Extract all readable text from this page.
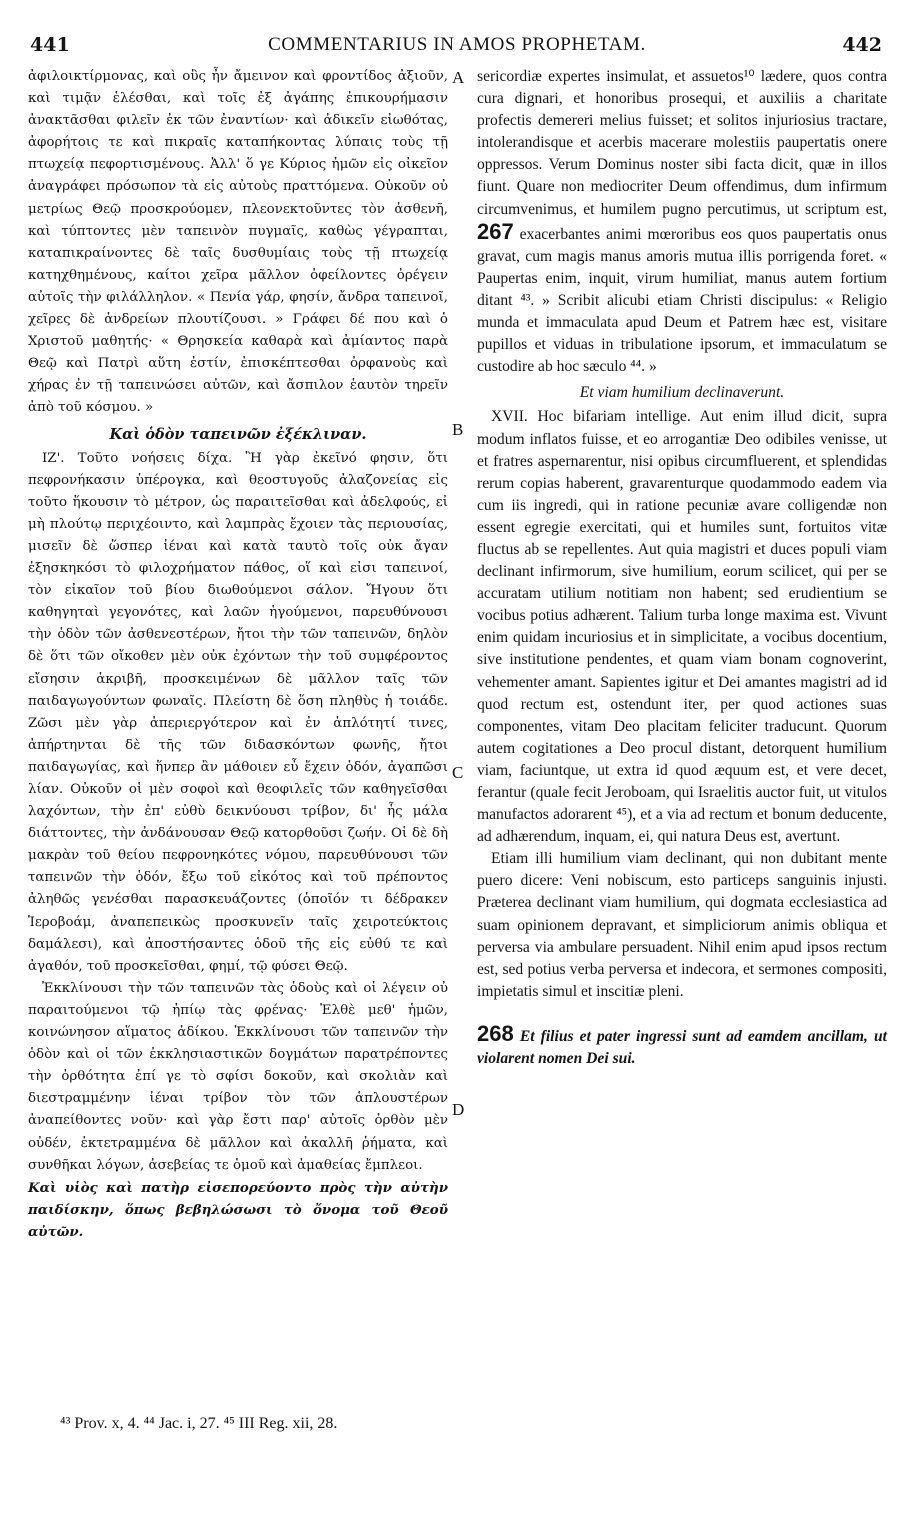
441	COMMENTARIUS IN AMOS PROPHETAM.	442
A
B
C
D

ἀφιλοικτίρμονας, καὶ οὓς ἦν ἄμεινον καὶ φροντίδος ἀξιοῦν, καὶ τιμᾷν ἑλέσθαι, καὶ τοῖς ἐξ ἀγάπης ἐπικουρήμασιν ἀνακτᾶσθαι φιλεῖν ἐκ τῶν ἐναντίων· καὶ ἀδικεῖν εἰωθότας, ἀφορήτοις τε καὶ πικραῖς καταπήκοντας λύπαις τοὺς τῇ πτωχείᾳ πεφορτισμένους. Ἀλλ' ὅ γε Κύριος ἡμῶν εἰς οἰκεῖον ἀναγράφει πρόσωπον τὰ εἰς αὐτοὺς πραττόμενα. Οὐκοῦν οὐ μετρίως Θεῷ προσκρούομεν, πλεονεκτοῦντες τὸν ἀσθενῆ, καὶ τύπτοντες μὲν ταπεινὸν πυγμαῖς, καθὼς γέγραπται, καταπικραίνοντες δὲ ταῖς δυσθυμίαις τοὺς τῇ πτωχείᾳ κατηχθημένους, καίτοι χεῖρα μᾶλλον ὀφείλοντες ὀρέγειν αὐτοῖς τὴν φιλάλληλον. « Πενία γάρ, φησίν, ἄνδρα ταπεινοῖ, χεῖρες δὲ ἀνδρείων πλουτίζουσι. » Γράφει δέ που καὶ ὁ Χριστοῦ μαθητής· « Θρησκεία καθαρὰ καὶ ἀμίαντος παρὰ Θεῷ καὶ Πατρὶ αὕτη ἐστίν, ἐπισκέπτεσθαι ὀρφανοὺς καὶ χήρας ἐν τῇ ταπεινώσει αὐτῶν, καὶ ἄσπιλον ἑαυτὸν τηρεῖν ἀπὸ τοῦ κόσμου. »

Καὶ ὁδὸν ταπεινῶν ἐξέκλιναν.

ΙΖ'. Τοῦτο νοήσεις δίχα. Ἢ γὰρ ἐκεῖνό φησιν, ὅτι πεφρονήκασιν ὑπέρογκα, καὶ θεοστυγοῦς ἀλαζονείας εἰς τοῦτο ἥκουσιν τὸ μέτρον, ὡς παραιτεῖσθαι καὶ ἀδελφούς, εἰ μὴ πλούτῳ περιχέοιντο, καὶ λαμπρὰς ἔχοιεν τὰς περιουσίας, μισεῖν δὲ ὥσπερ ἰέναι καὶ κατὰ ταυτὸ τοῖς οὐκ ἄγαν ἐξησκηκόσι τὸ φιλοχρήματον πάθος, οἵ καὶ εἰσι ταπεινοί, τὸν εἰκαῖον τοῦ βίου διωθούμενοι σάλον. Ἤγουν ὅτι καθηγηταὶ γεγονότες, καὶ λαῶν ἡγούμενοι, παρευθύνουσι τὴν ὁδὸν τῶν ἀσθενεστέρων, ἤτοι τὴν τῶν ταπεινῶν, δηλὸν δὲ ὅτι τῶν οἴκοθεν μὲν οὐκ ἐχόντων τὴν τοῦ συμφέροντος εἴσησιν ἀκριβῆ, προσκειμένων δὲ μᾶλλον ταῖς τῶν παιδαγωγούντων φωναῖς. Πλείστη δὲ ὅση πληθὺς ἡ τοιάδε. Ζῶσι μὲν γὰρ ἀπεριεργότερον καὶ ἐν ἁπλότητί τινες, ἀπήρτηνται δὲ τῆς τῶν διδασκόντων φωνῆς, ἤτοι παιδαγωγίας, καὶ ἥνπερ ἂν μάθοιεν εὖ ἔχειν ὁδόν, ἀγαπῶσι λίαν. Οὐκοῦν οἱ μὲν σοφοὶ καὶ θεοφιλεῖς τῶν καθηγεῖσθαι λαχόντων, τὴν ἐπ' εὐθὺ δεικνύουσι τρίβον, δι' ἧς μάλα διάττοντες, τὴν ἀνδάνουσαν Θεῷ κατορθοῦσι ζωήν. Οἱ δὲ δὴ μακρὰν τοῦ θείου πεφρονηκότες νόμου, παρευθύνουσι τῶν ταπεινῶν τὴν ὁδόν, ἔξω τοῦ εἰκότος καὶ τοῦ πρέποντος ἀληθῶς γενέσθαι παρασκευάζοντες (ὁποῖόν τι δέδρακεν Ἱεροβοάμ, ἀναπεπεικὼς προσκυνεῖν ταῖς χειροτεύκτοις δαμάλεσι), καὶ ἀποστήσαντες ὁδοῦ τῆς εἰς εὐθύ τε καὶ ἀγαθόν, τοῦ προσκεῖσθαι, φημί, τῷ φύσει Θεῷ.

Ἐκκλίνουσι τὴν τῶν ταπεινῶν τὰς ὁδοὺς καὶ οἱ λέγειν οὐ παραιτούμενοι τῷ ἠπίῳ τὰς φρένας· Ἐλθὲ μεθ' ἡμῶν, κοινώνησον αἵματος ἀδίκου. Ἐκκλίνουσι τῶν ταπεινῶν τὴν ὁδὸν καὶ οἱ τῶν ἐκκλησιαστικῶν δογμάτων παρατρέποντες τὴν ὀρθότητα ἐπί γε τὸ σφίσι δοκοῦν, καὶ σκολιὰν καὶ διεστραμμένην ἰέναι τρίβον τὸν τῶν ἁπλουστέρων ἀναπείθοντες νοῦν· καὶ γὰρ ἔστι παρ' αὐτοῖς ὀρθὸν μὲν οὐδέν, ἐκτετραμμένα δὲ μᾶλλον καὶ ἀκαλλῆ ῥήματα, καὶ συνθῆκαι λόγων, ἀσεβείας τε ὁμοῦ καὶ ἀμαθείας ἔμπλεοι.

Καὶ υἱὸς καὶ πατὴρ εἰσεπορεύοντο πρὸς τὴν αὐτὴν παιδίσκην, ὅπως βεβηλώσωσι τὸ ὄνομα τοῦ Θεοῦ αὐτῶν.

sericordiæ expertes insimulat, et assuetos¹⁰ lædere, quos contra cura dignari, et honoribus prosequi, et auxiliis a charitate profectis demereri melius fuisset; et solitos injuriosius tractare, intolerandisque et acerbis macerare molestiis paupertatis onere oppressos. Verum Dominus noster sibi facta dicit, quæ in illos fiunt. Quare non mediocriter Deum offendimus, dum infirmum circumvenimus, et humilem pugno percutimus, ut scriptum est, 267 exacerbantes animi mœroribus eos quos paupertatis onus gravat, cum magis manus amoris mutua illis porrigenda foret. « Paupertas enim, inquit, virum humiliat, manus autem fortium ditant ⁴³. » Scribit alicubi etiam Christi discipulus: « Religio munda et immaculata apud Deum et Patrem hæc est, visitare pupillos et viduas in tribulatione ipsorum, et immaculatum se custodire ab hoc sæculo ⁴⁴. »

Et viam humilium declinaverunt.

XVII. Hoc bifariam intellige. Aut enim illud dicit, supra modum inflatos fuisse, et eo arrogantiæ Deo odibiles venisse, ut et fratres aspernarentur, nisi opibus circumfluerent, et splendidas rerum copias haberent, gravarenturque quodammodo eadem via cum iis ingredi, qui in ratione pecuniæ avare colligendæ non essent egregie exercitati, qui et humiles sunt, fortuitos vitæ fluctus ab se repellentes. Aut quia magistri et duces populi viam declinant infirmorum, sive humilium, eorum scilicet, qui per se accuratam utilium notitiam non habent; sed erudientium se vocibus potius adhærent. Talium turba longe maxima est. Vivunt enim quidam incuriosius et in simplicitate, a vocibus docentium, sive institutione pendentes, et quam viam bonam cognoverint, vehementer amant. Sapientes igitur et Dei amantes magistri ad id quod rectum est, ostendunt iter, per quod actiones suas componentes, vitam Deo placitam feliciter traducunt. Quorum autem cogitationes a Deo procul distant, detorquent humilium viam, faciuntque, ut extra id quod æquum est, et vere decet, ferantur (quale fecit Jeroboam, qui Israelitis auctor fuit, ut vitulos manufactos adorarent ⁴⁵), et a via ad rectum et bonum deducente, ad adhærendum, inquam, ei, qui natura Deus est, avertunt.

Etiam illi humilium viam declinant, qui non dubitant mente puero dicere: Veni nobiscum, esto particeps sanguinis injusti. Præterea declinant viam humilium, qui dogmata ecclesiastica ad suam opinionem depravant, et simpliciorum animis obliqua et perversa via ambulare persuadent. Nihil enim apud ipsos rectum est, sed potius verba perversa et indecora, et sermones compositi, impietatis simul et inscitiæ pleni.

268 Et filius et pater ingressi sunt ad eamdem ancillam, ut violarent nomen Dei sui.

⁴³ Prov. x, 4. ⁴⁴ Jac. i, 27. ⁴⁵ III Reg. xii, 28.
